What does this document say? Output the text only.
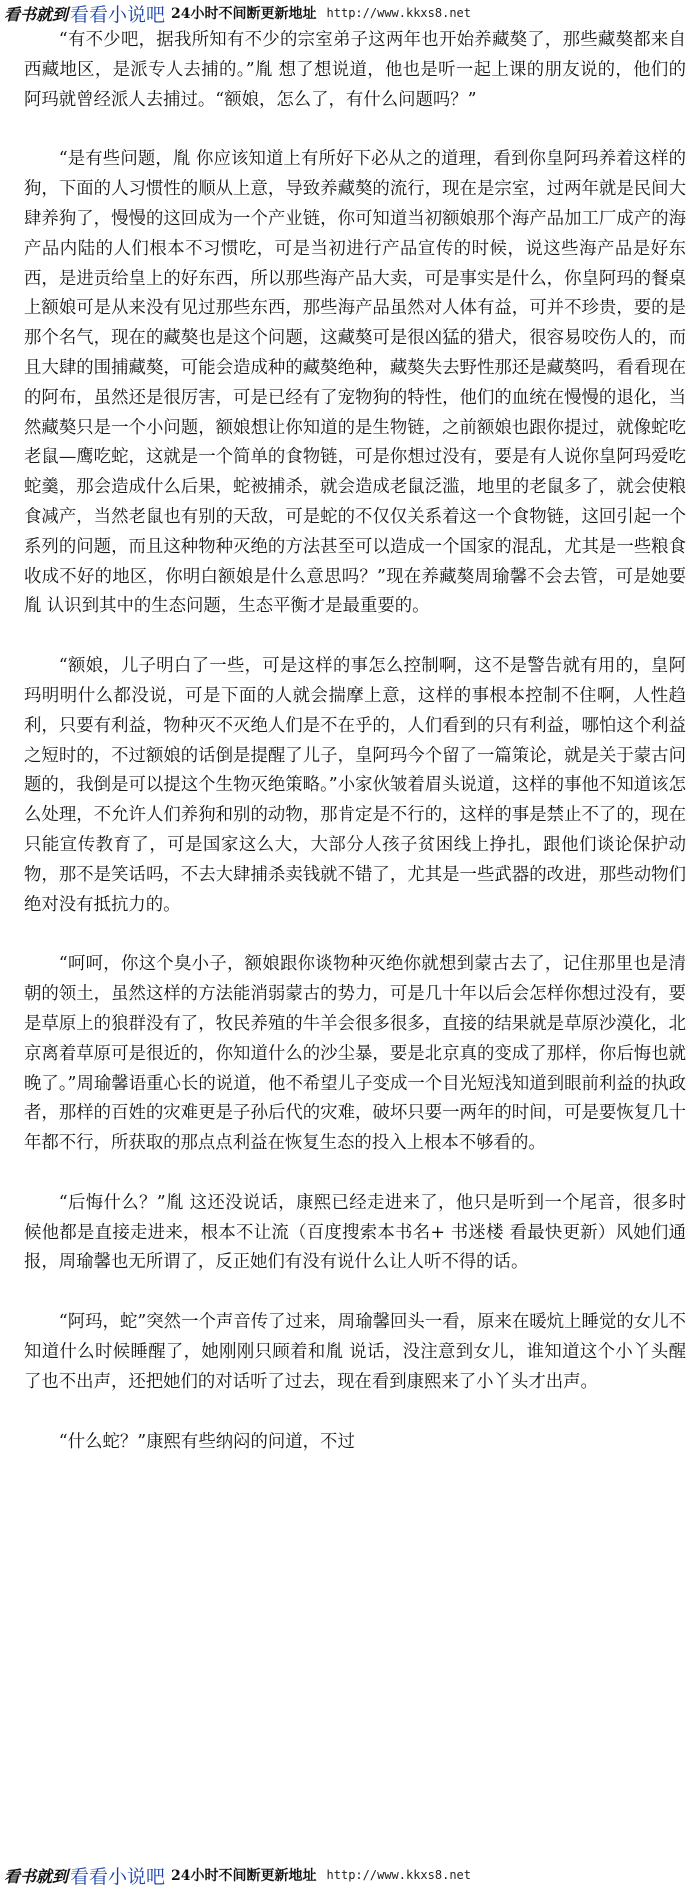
看书就到 看看小说吧 24小时不间断更新地址 http://www.kkxs8.net

“有不少吧，据我所知有不少的宗室弟子这两年也开始养藏獒了，那些藏獒都来自西藏地区，是派专人去捕的。”胤 想了想说道，他也是听一起上课的朋友说的，他们的阿玛就曾经派人去捕过。“额娘，怎么了，有什么问题吗？”

“是有些问题，胤 你应该知道上有所好下必从之的道理，看到你皇阿玛养着这样的狗，下面的人习惯性的顺从上意，导致养藏獒的流行，现在是宗室，过两年就是民间大肆养狗了，慢慢的这回成为一个产业链，你可知道当初额娘那个海产品加工厂成产的海产品内陆的人们根本不习惯吃，可是当初进行产品宣传的时候，说这些海产品是好东西，是进贡给皇上的好东西，所以那些海产品大卖，可是事实是什么，你皇阿玛的餐桌上额娘可是从来没有见过那些东西，那些海产品虽然对人体有益，可并不珍贵，要的是那个名气，现在的藏獒也是这个问题，这藏獒可是很凶猛的猎犬，很容易咬伤人的，而且大肆的围捕藏獒，可能会造成种的藏獒绝种，藏獒失去野性那还是藏獒吗，看看现在的阿布，虽然还是很厉害，可是已经有了宠物狗的特性，他们的血统在慢慢的退化，当然藏獒只是一个小问题，额娘想让你知道的是生物链，之前额娘也跟你提过，就像蛇吃老鼠—鹰吃蛇，这就是一个简单的食物链，可是你想过没有，要是有人说你皇阿玛爱吃蛇羹，那会造成什么后果，蛇被捕杀，就会造成老鼠泛滥，地里的老鼠多了，就会使粮食减产，当然老鼠也有别的天敌，可是蛇的不仅仅关系着这一个食物链，这回引起一个系列的问题，而且这种物种灭绝的方法甚至可以造成一个国家的混乱，尤其是一些粮食收成不好的地区，你明白额娘是什么意思吗？”现在养藏獒周瑜馨不会去管，可是她要胤 认识到其中的生态问题，生态平衡才是最重要的。

“额娘，儿子明白了一些，可是这样的事怎么控制啊，这不是警告就有用的，皇阿玛明明什么都没说，可是下面的人就会揣摩上意，这样的事根本控制不住啊，人性趋利，只要有利益，物种灭不灭绝人们是不在乎的，人们看到的只有利益，哪怕这个利益之短时的，不过额娘的话倒是提醒了儿子，皇阿玛今个留了一篇策论，就是关于蒙古问题的，我倒是可以提这个生物灭绝策略。”小家伙皱着眉头说道，这样的事他不知道该怎么处理，不允许人们养狗和别的动物，那肯定是不行的，这样的事是禁止不了的，现在只能宣传教育了，可是国家这么大，大部分人孩子贫困线上挣扎，跟他们谈论保护动物，那不是笑话吗，不去大肆捕杀卖钱就不错了，尤其是一些武器的改进，那些动物们绝对没有抵抗力的。

“呵呵，你这个臭小子，额娘跟你谈物种灭绝你就想到蒙古去了，记住那里也是清朝的领土，虽然这样的方法能消弱蒙古的势力，可是几十年以后会怎样你想过没有，要是草原上的狼群没有了，牧民养殖的牛羊会很多很多，直接的结果就是草原沙漠化，北京离着草原可是很近的，你知道什么的沙尘暴，要是北京真的变成了那样，你后悔也就晚了。”周瑜馨语重心长的说道，他不希望儿子变成一个目光短浅知道到眼前利益的执政者，那样的百姓的灾难更是子孙后代的灾难，破坏只要一两年的时间，可是要恢复几十年都不行，所获取的那点点利益在恢复生态的投入上根本不够看的。

“后悔什么？”胤 这还没说话，康熙已经走进来了，他只是听到一个尾音，很多时候他都是直接走进来，根本不让流（百度搜索本书名+ 书迷楼 看最快更新）风她们通报，周瑜馨也无所谓了，反正她们有没有说什么让人听不得的话。

“阿玛，蛇”突然一个声音传了过来，周瑜馨回头一看，原来在暖炕上睡觉的女儿不知道什么时候睡醒了，她刚刚只顾着和胤 说话，没注意到女儿，谁知道这个小丫头醒了也不出声，还把她们的对话听了过去，现在看到康熙来了小丫头才出声。

“什么蛇？”康熙有些纳闷的问道，不过

看书就到 看看小说吧 24小时不间断更新地址 http://www.kkxs8.net
